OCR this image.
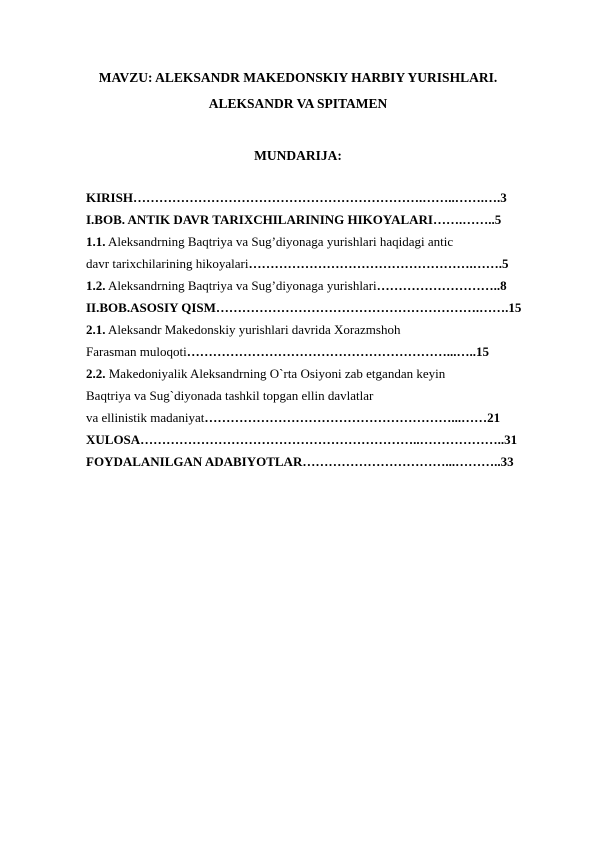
MAVZU: ALEKSANDR MAKEDONSKIY HARBIY YURISHLARI.
ALEKSANDR VA SPITAMEN
MUNDARIJA:
KIRISH………………………………………………………….……..…….….3
I.BOB. ANTIK DAVR TARIXCHILARINING HIKOYALARI…….……..5
1.1. Aleksandrning Baqtriya va Sug’diyonaga yurishlari haqidagi antic
davr tarixchilarining hikoyalari…………………………………………….…….5
1.2. Aleksandrning Baqtriya va Sug’diyonaga yurishlari………………………..8
II.BOB.ASOSIY QISM…………………………………………………….…….15
2.1. Aleksandr Makedonskiy yurishlari davrida Xorazmshoh
Farasman muloqoti……………………………………………………...…..15
2.2. Makedoniyalik Aleksandrning O`rta Osiyoni zab etgandan keyin
Baqtriya va Sug`diyonada tashkil topgan ellin davlatlar
va ellinistik madaniyat…………………………………………………...……21
XULOSA………………………………………………………..………………..31
FOYDALANILGAN ADABIYOTLAR……………………………...………..33
